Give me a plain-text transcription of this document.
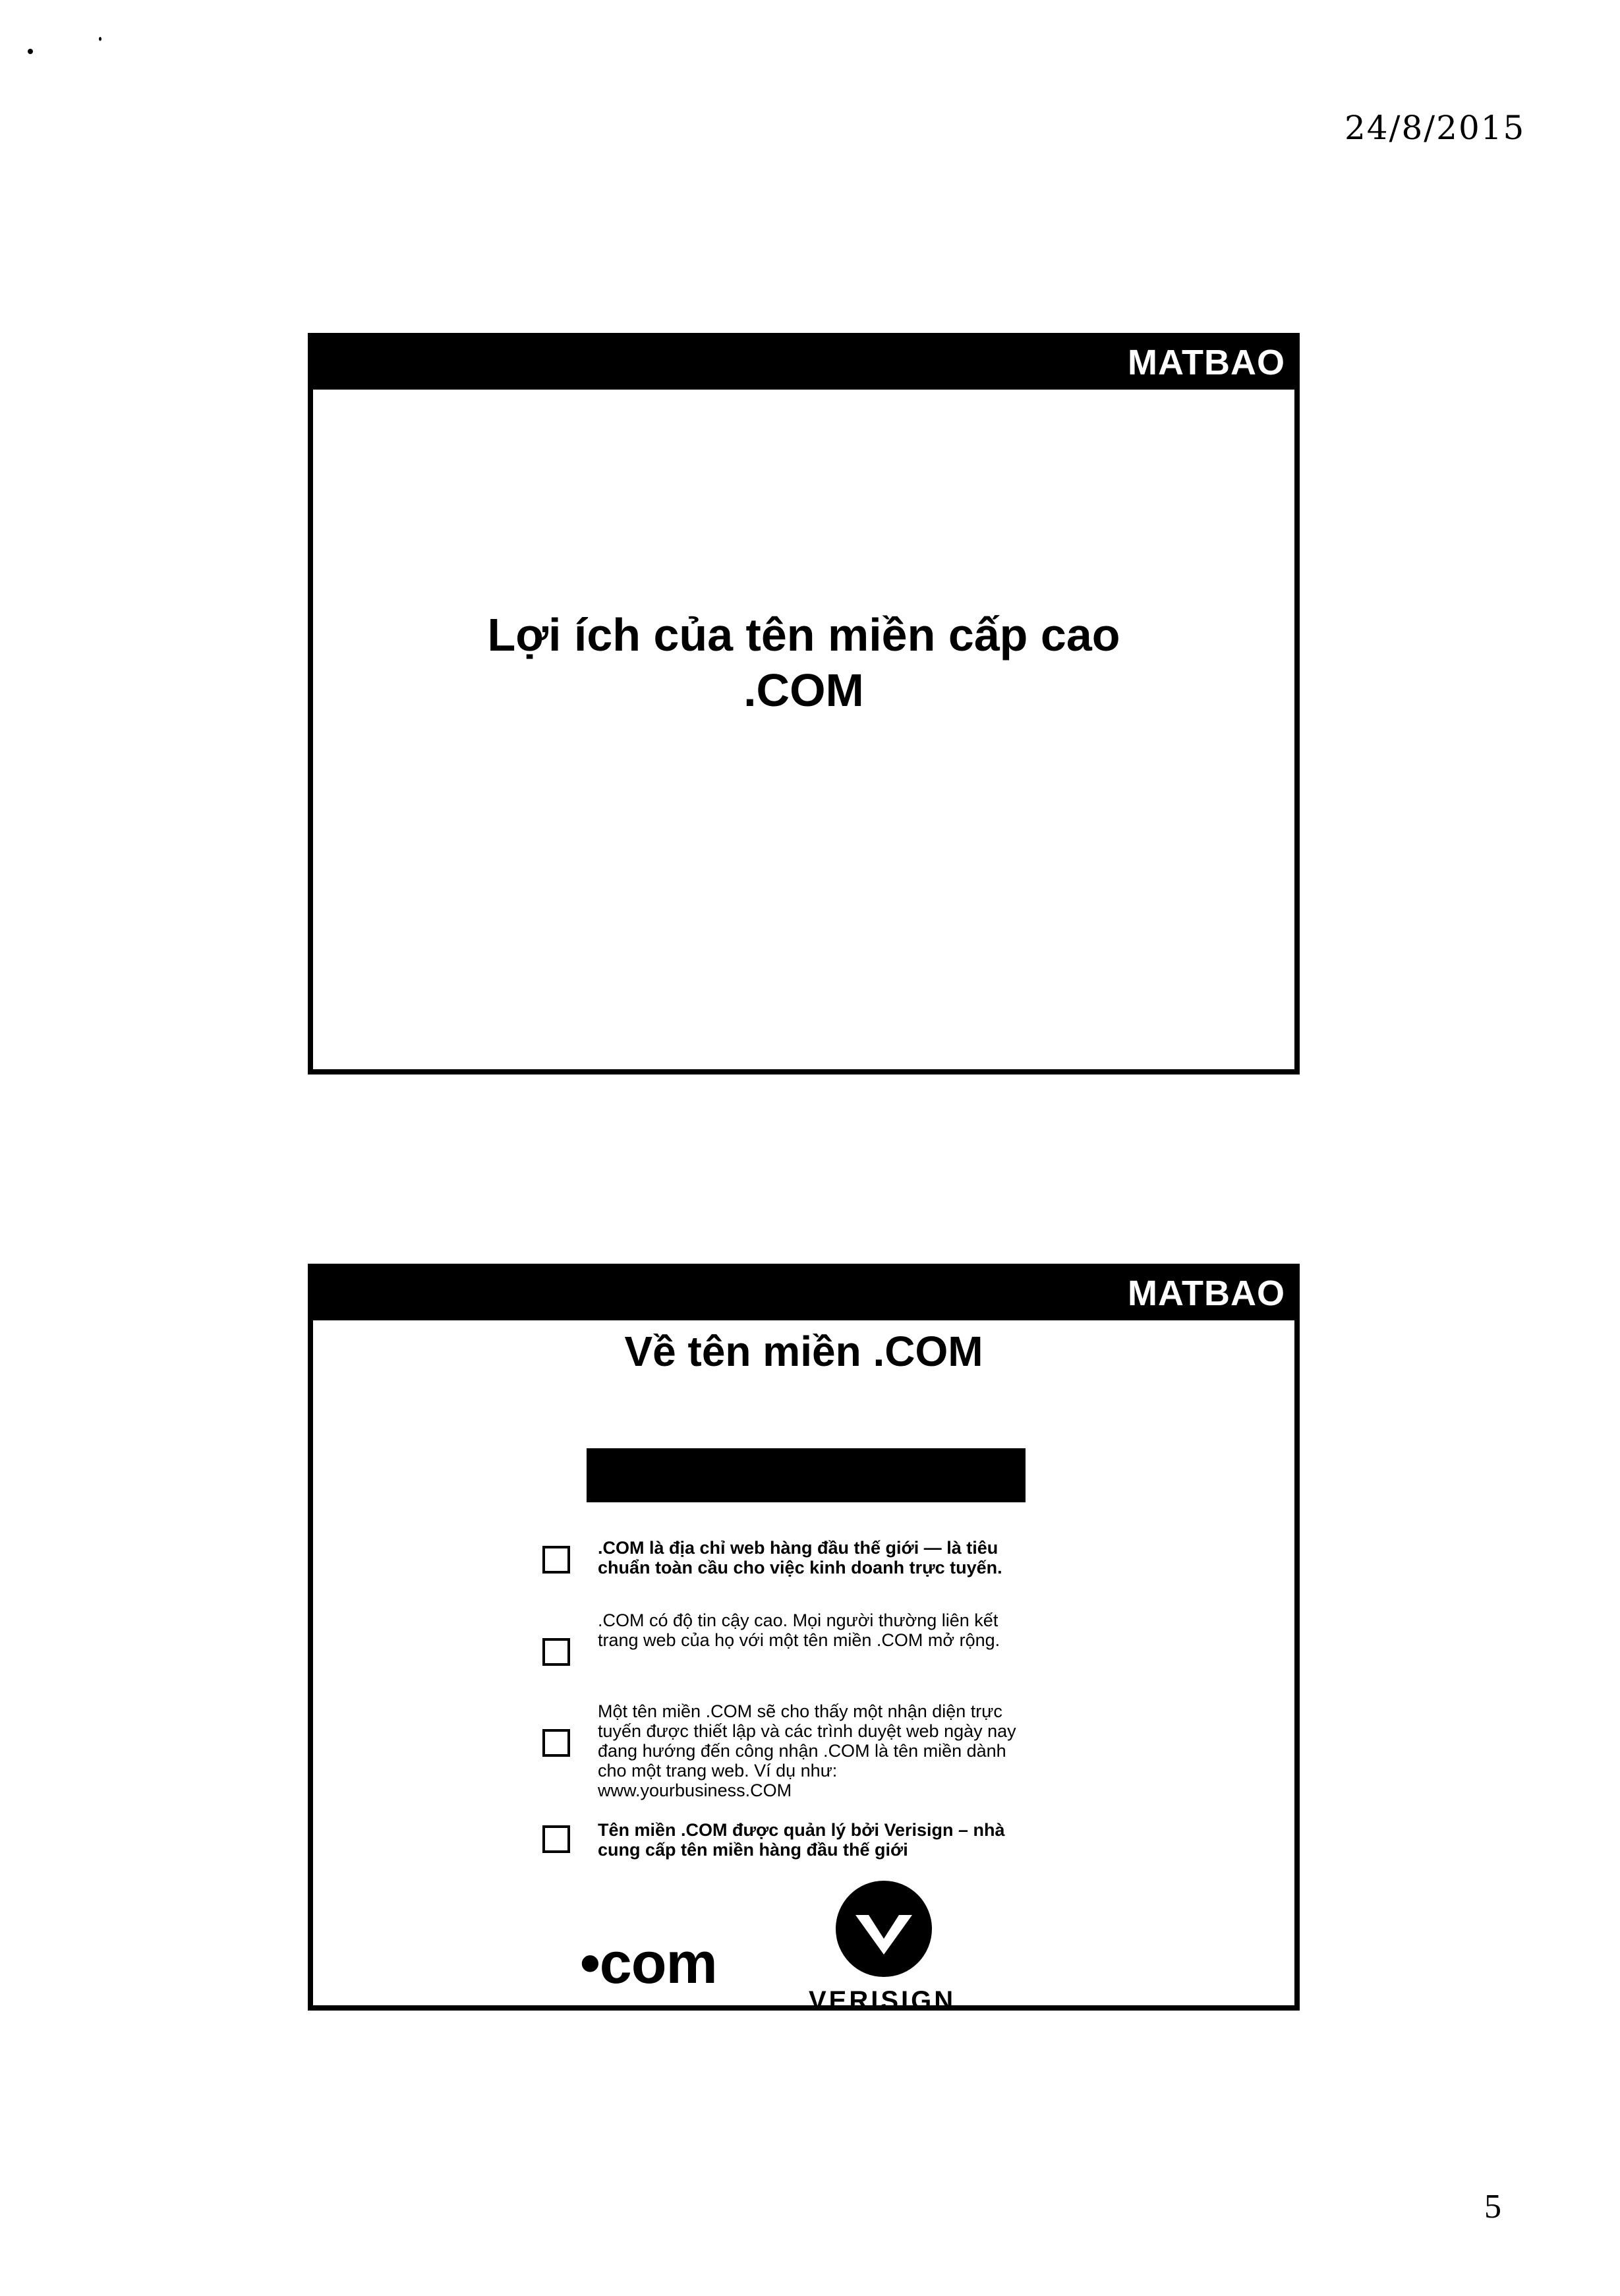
24/8/2015
MATBAO
Lợi ích của tên miền cấp cao
.COM
MATBAO
Về tên miền .COM
.COM là địa chỉ web hàng đầu thế giới — là tiêu chuẩn toàn cầu cho việc kinh doanh trực tuyến.
.COM có độ tin cậy cao. Mọi người thường liên kết trang web của họ với một tên miền .COM mở rộng.
Một tên miền .COM sẽ cho thấy một nhận diện trực tuyến được thiết lập và các trình duyệt web ngày nay đang hướng đến công nhận .COM là tên miền dành cho một trang web. Ví dụ như: www.yourbusiness.COM
Tên miền .COM được quản lý bởi Verisign – nhà cung cấp tên miền hàng đầu thế giới
•com
VERISIGN
5
